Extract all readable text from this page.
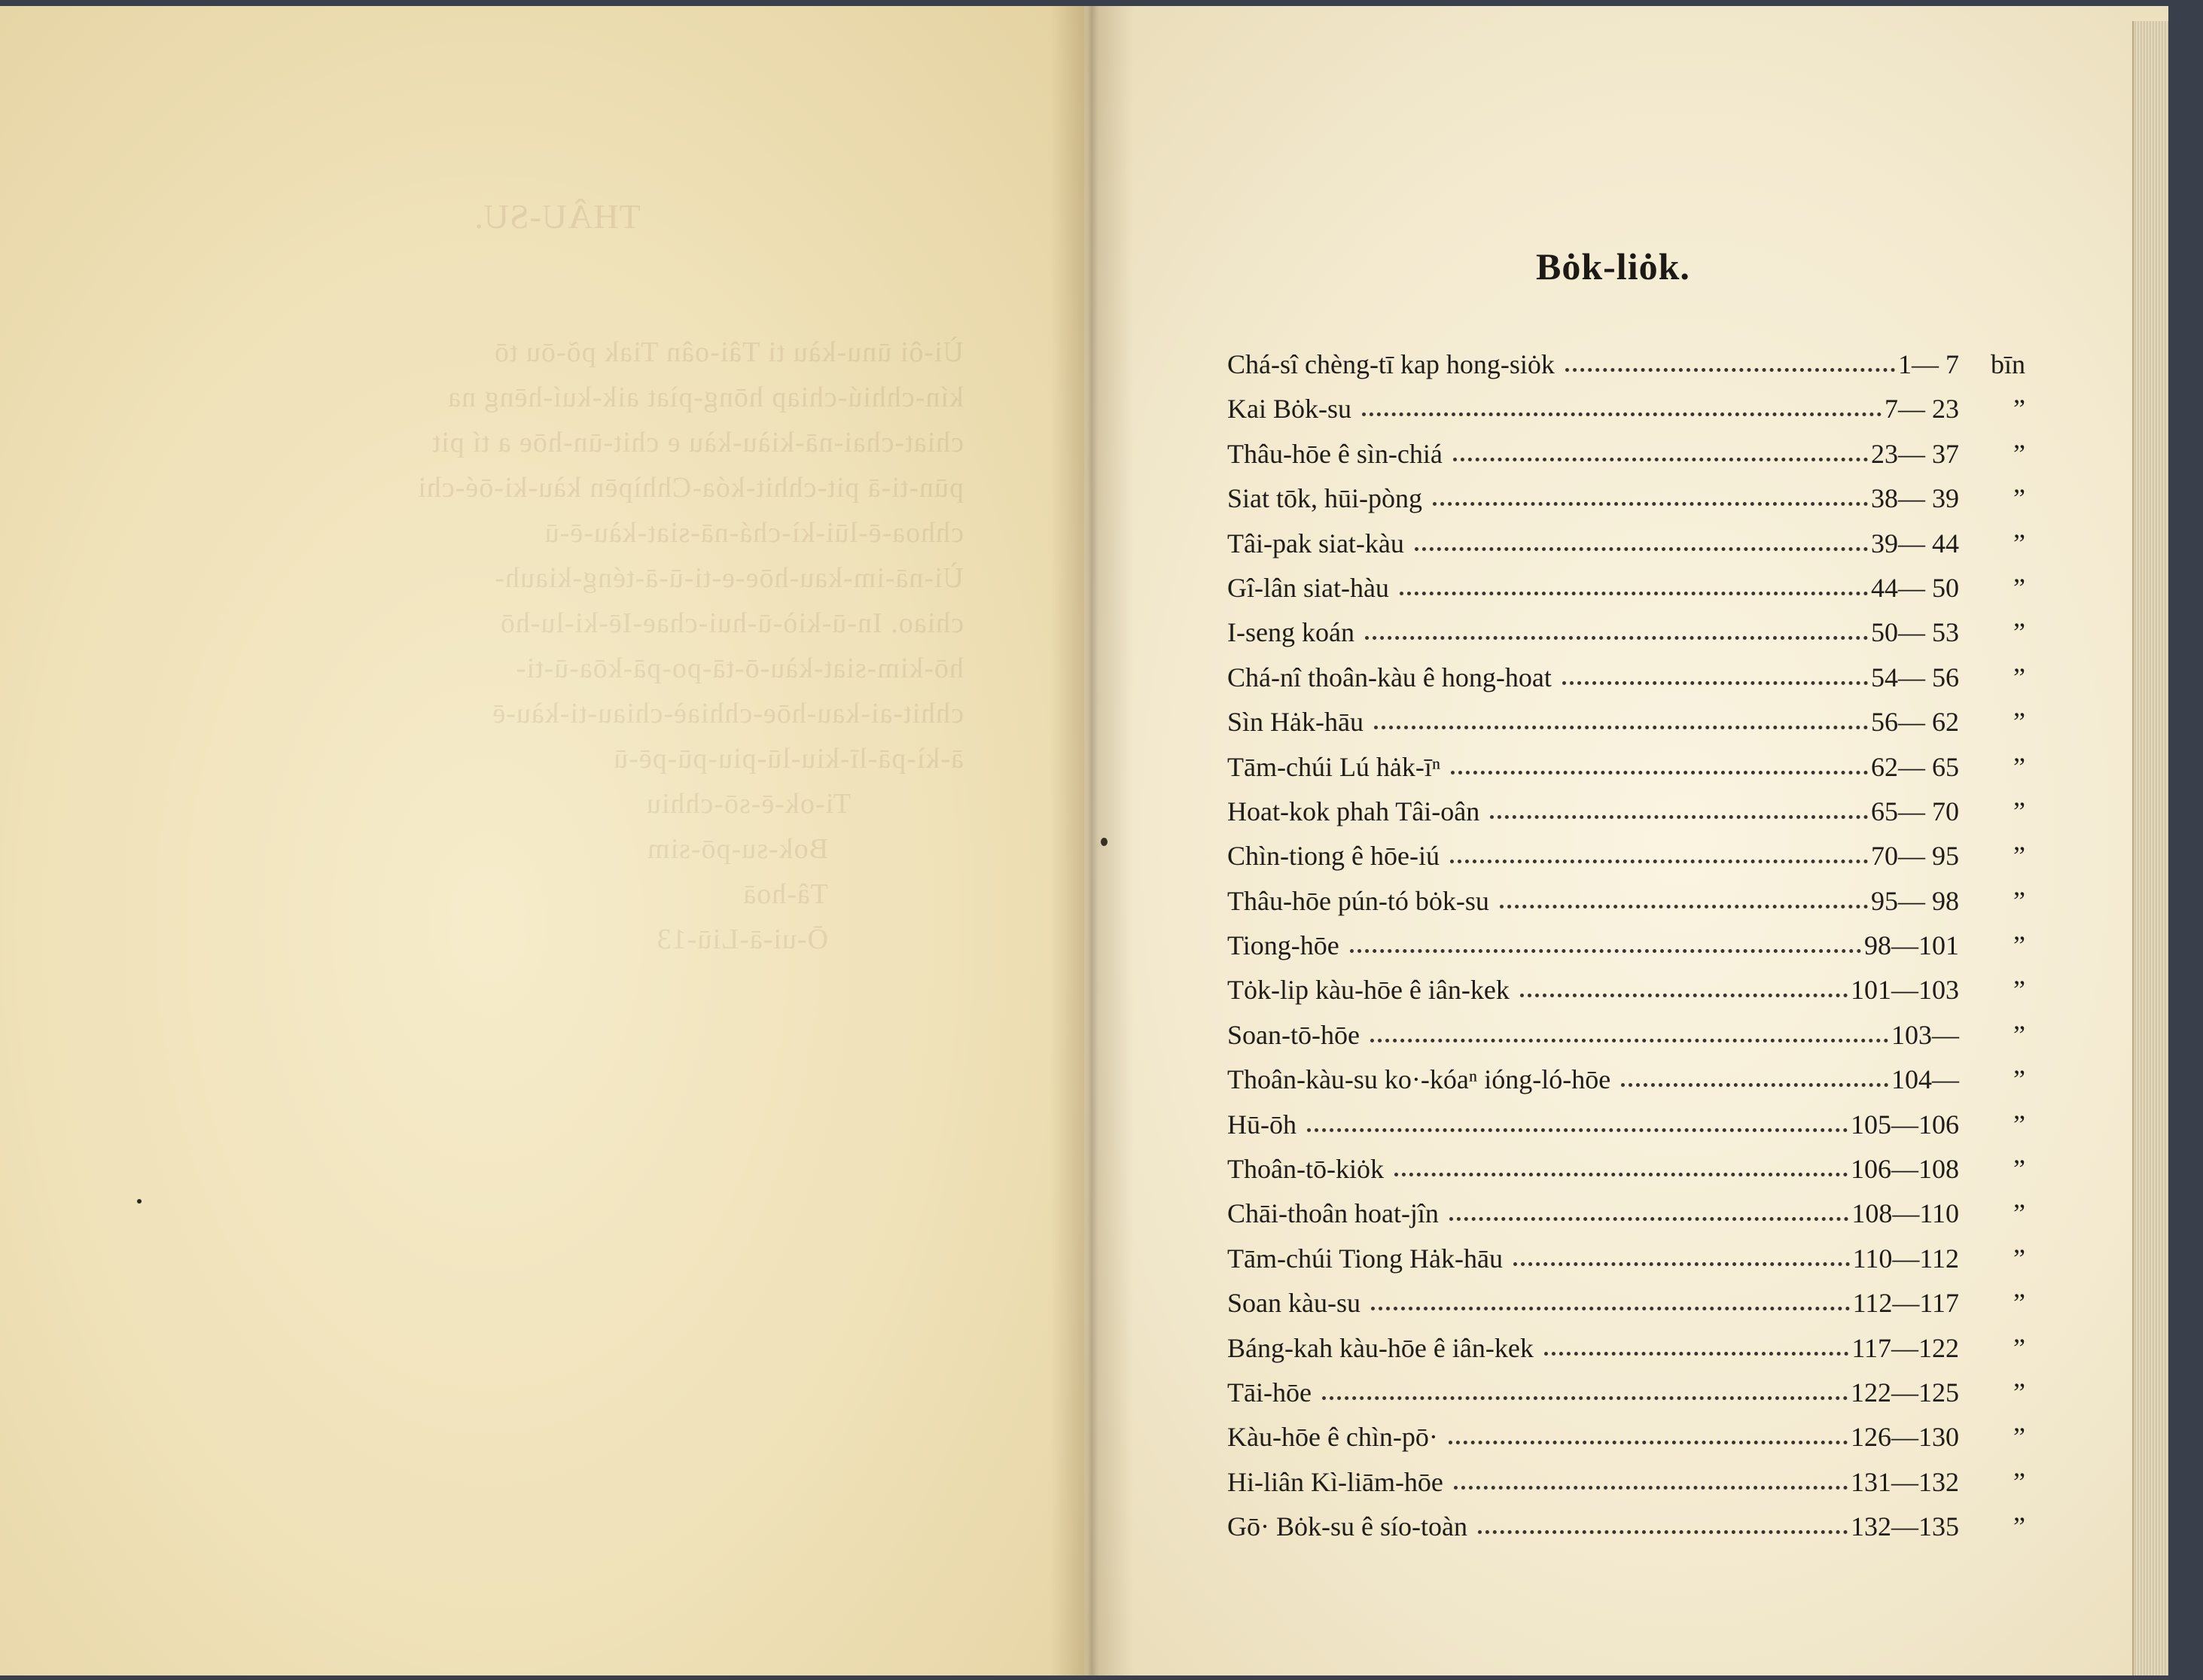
THÂU-SU.
Ùi-ôi ūnu-kàu ti Tâi-oân Tiak põ-ōu tō
kín-chhiú-chiap hōng-pìat aik-kuí-hēng na
chiat-chai-nā-kiàu-kàu e chit-ūn-hōe a tí pit
pūn-ti-ā pit-chhit-kóa-Chhìpēn kàu-ki-ōé-chi
chhoa-ē-lūi-kì-chá-nā-siat-kàu-ē-ū
Ùi-nā-im-kau-hōe-e-ti-ū-ā-téng-kiauh-
chiao. In-ū-kiò-ū-hui-chae-Iē-ki-lu-hō
hō-kim-siat-kàu-ō-tā-po-pā-kōa-ū-ti-
chhit-ai-kau-hōe-chhiaè-chiau-ti-kàu-ē
ā-kì-pā-lī-kiu-lū-piu-pū-pē-ū
Ti-ok-ē-sō-chhiu
Bok-su-pō-sim
Tâ-hoā
Ō-ui-ā-Liū-13
Bȯk-liȯk.
Chá-sî chèng-tī kap hong-siȯk	1— 7	bīn
Kai Bȯk-su	7— 23	”
Thâu-hōe ê sìn-chiá	23— 37	”
Siat tōk, hūi-pòng	38— 39	”
Tâi-pak siat-kàu	39— 44	”
Gî-lân siat-hàu	44— 50	”
I-seng koán	50— 53	”
Chá-nî thoân-kàu ê hong-hoat	54— 56	”
Sìn Hȧk-hāu	56— 62	”
Tām-chúi Lú hȧk-īⁿ	62— 65	”
Hoat-kok phah Tâi-oân	65— 70	”
Chìn-tiong ê hōe-iú	70— 95	”
Thâu-hōe pún-tó bȯk-su	95— 98	”
Tiong-hōe	98—101	”
Tȯk-lip kàu-hōe ê iân-kek	101—103	”
Soan-tō-hōe	103—	”
Thoân-kàu-su ko·-kóaⁿ ióng-ló-hōe	104—	”
Hū-ōh	105—106	”
Thoân-tō-kiȯk	106—108	”
Chāi-thoân hoat-jîn	108—110	”
Tām-chúi Tiong Hȧk-hāu	110—112	”
Soan kàu-su	112—117	”
Báng-kah kàu-hōe ê iân-kek	117—122	”
Tāi-hōe	122—125	”
Kàu-hōe ê chìn-pō·	126—130	”
Hi-liân Kì-liām-hōe	131—132	”
Gō· Bȯk-su ê sío-toàn	132—135	”
